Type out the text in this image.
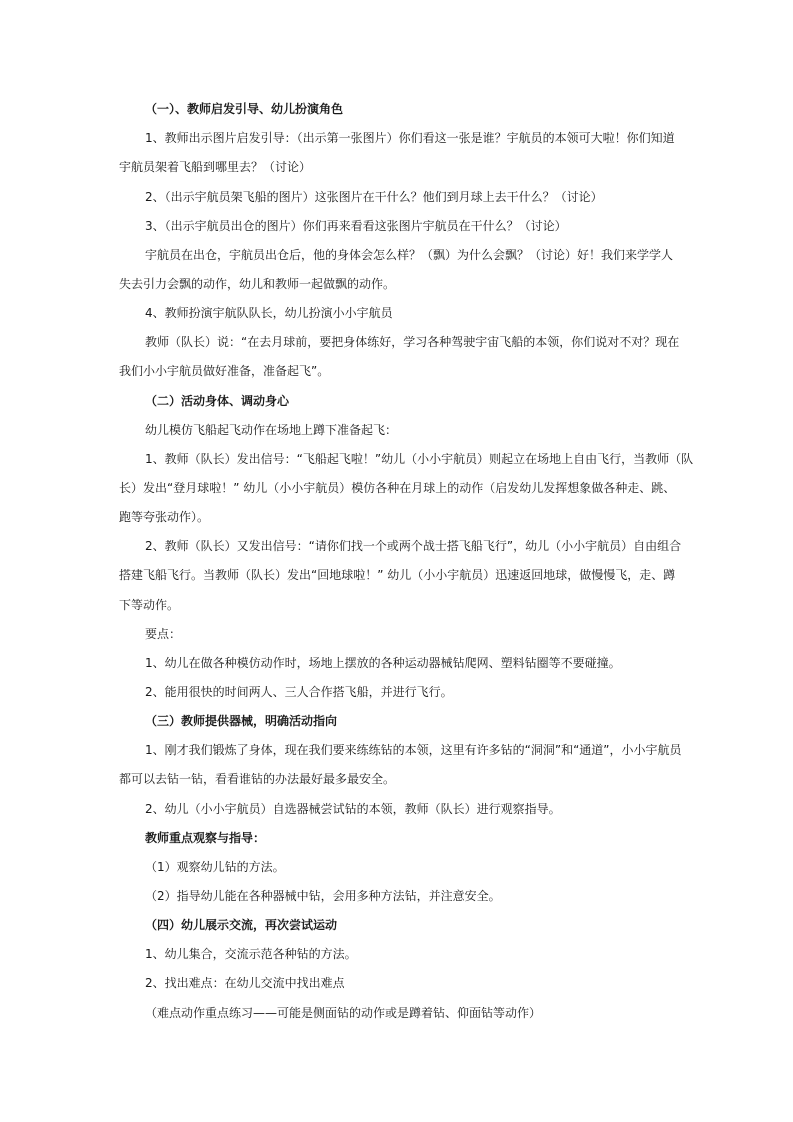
（一）、教师启发引导、幼儿扮演角色
1、教师出示图片启发引导：（出示第一张图片）你们看这一张是谁？宇航员的本领可大啦！你们知道
宇航员架着飞船到哪里去？（讨论）
2、（出示宇航员架飞船的图片）这张图片在干什么？他们到月球上去干什么？（讨论）
3、（出示宇航员出仓的图片）你们再来看看这张图片宇航员在干什么？（讨论）
宇航员在出仓，宇航员出仓后，他的身体会怎么样？（飘）为什么会飘？（讨论）好！我们来学学人
失去引力会飘的动作，幼儿和教师一起做飘的动作。
4、教师扮演宇航队队长，幼儿扮演小小宇航员
教师（队长）说：“在去月球前，要把身体练好，学习各种驾驶宇宙飞船的本领，你们说对不对？现在
我们小小宇航员做好准备，准备起飞”。
（二）活动身体、调动身心
幼儿模仿飞船起飞动作在场地上蹲下准备起飞：
1、教师（队长）发出信号：“飞船起飞啦！”幼儿（小小宇航员）则起立在场地上自由飞行，当教师（队
长）发出“登月球啦！” 幼儿（小小宇航员）模仿各种在月球上的动作（启发幼儿发挥想象做各种走、跳、
跑等夸张动作）。
2、教师（队长）又发出信号：“请你们找一个或两个战士搭飞船飞行”，幼儿（小小宇航员）自由组合
搭建飞船飞行。当教师（队长）发出“回地球啦！” 幼儿（小小宇航员）迅速返回地球，做慢慢飞，走、蹲
下等动作。
要点：
1、幼儿在做各种模仿动作时，场地上摆放的各种运动器械钻爬网、塑料钻圈等不要碰撞。
2、能用很快的时间两人、三人合作搭飞船，并进行飞行。
（三）教师提供器械，明确活动指向
1、刚才我们锻炼了身体，现在我们要来练练钻的本领，这里有许多钻的“洞洞”和“通道”，小小宇航员
都可以去钻一钻，看看谁钻的办法最好最多最安全。
2、幼儿（小小宇航员）自选器械尝试钻的本领，教师（队长）进行观察指导。
教师重点观察与指导：
（1）观察幼儿钻的方法。
（2）指导幼儿能在各种器械中钻，会用多种方法钻，并注意安全。
（四）幼儿展示交流，再次尝试运动
1、幼儿集合，交流示范各种钻的方法。
2、找出难点：在幼儿交流中找出难点
（难点动作重点练习——可能是侧面钻的动作或是蹲着钻、仰面钻等动作）
